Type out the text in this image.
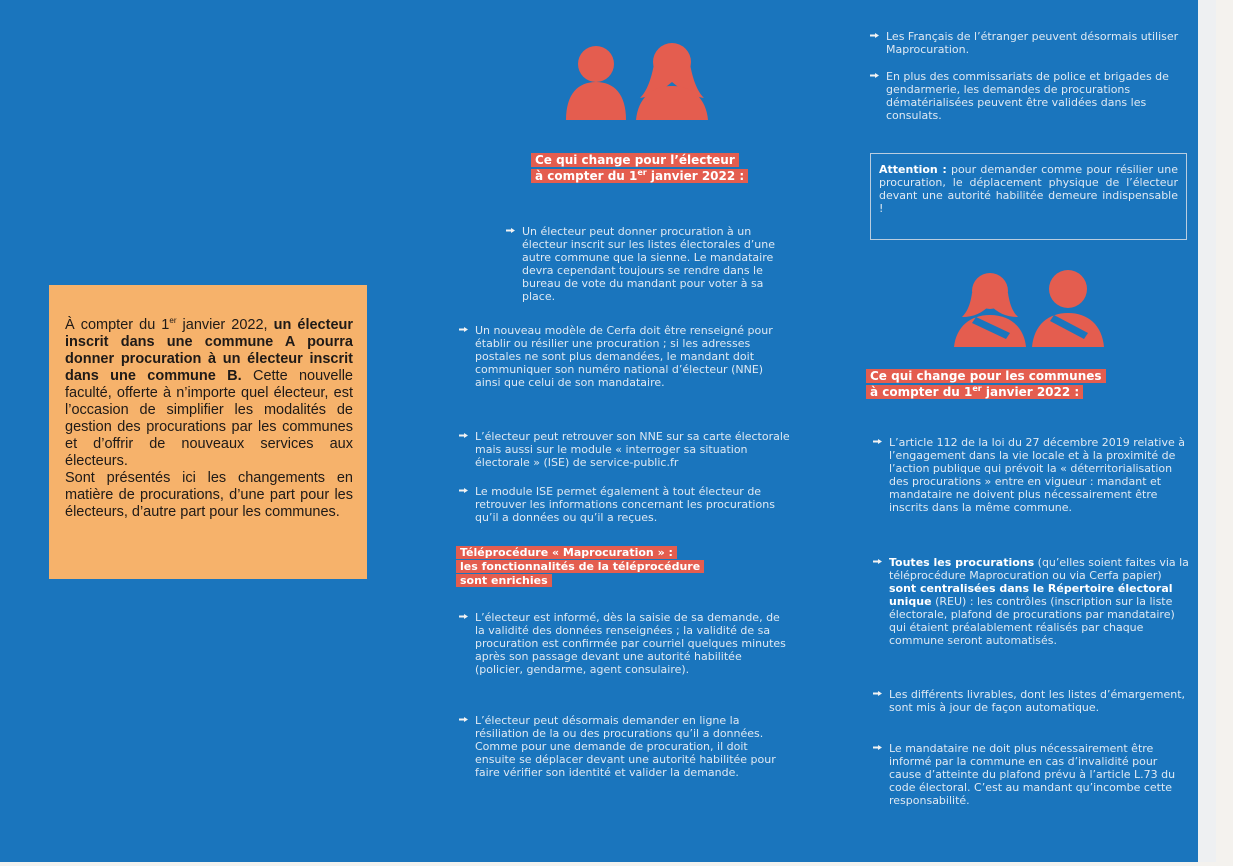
À compter du 1er janvier 2022, un électeur inscrit dans une commune A pourra donner procuration à un électeur inscrit dans une commune B. Cette nouvelle faculté, offerte à n’importe quel électeur, est l’occasion de simplifier les modalités de gestion des procurations par les communes et d’offrir de nouveaux services aux électeurs.

Sont présentés ici les changements en matière de procurations, d’une part pour les électeurs, d’autre part pour les communes.

Ce qui change pour l’électeur
à compter du 1er janvier 2022 :

Un électeur peut donner procuration à un électeur inscrit sur les listes électorales d’une autre commune que la sienne. Le mandataire devra cependant toujours se rendre dans le bureau de vote du mandant pour voter à sa place.

Un nouveau modèle de Cerfa doit être renseigné pour établir ou résilier une procuration ; si les adresses postales ne sont plus demandées, le mandant doit communiquer son numéro national d’électeur (NNE) ainsi que celui de son mandataire.

L’électeur peut retrouver son NNE sur sa carte électorale mais aussi sur le module « interroger sa situation électorale » (ISE) de service-public.fr

Le module ISE permet également à tout électeur de retrouver les informations concernant les procurations qu’il a données ou qu’il a reçues.

Téléprocédure « Maprocuration » :
les fonctionnalités de la téléprocédure
sont enrichies

L’électeur est informé, dès la saisie de sa demande, de la validité des données renseignées ; la validité de sa procuration est confirmée par courriel quelques minutes après son passage devant une autorité habilitée (policier, gendarme, agent consulaire).

L’électeur peut désormais demander en ligne la résiliation de la ou des procurations qu’il a données. Comme pour une demande de procuration, il doit ensuite se déplacer devant une autorité habilitée pour faire vérifier son identité et valider la demande.

Les Français de l’étranger peuvent désormais utiliser Maprocuration.

En plus des commissariats de police et brigades de gendarmerie, les demandes de procurations dématérialisées peuvent être validées dans les consulats.

Attention : pour demander comme pour résilier une procuration, le déplacement physique de l’électeur devant une autorité habilitée demeure indispensable !
Ce qui change pour les communes
à compter du 1er janvier 2022 :

L’article 112 de la loi du 27 décembre 2019 relative à l’engagement dans la vie locale et à la proximité de l’action publique qui prévoit la « déterritorialisation des procurations » entre en vigueur : mandant et mandataire ne doivent plus nécessairement être inscrits dans la même commune.

Toutes les procurations (qu’elles soient faites via la téléprocédure Maprocuration ou via Cerfa papier) sont centralisées dans le Répertoire électoral unique (REU) : les contrôles (inscription sur la liste électorale, plafond de procurations par mandataire) qui étaient préalablement réalisés par chaque commune seront automatisés.

Les différents livrables, dont les listes d’émargement, sont mis à jour de façon automatique.

Le mandataire ne doit plus nécessairement être informé par la commune en cas d’invalidité pour cause d’atteinte du plafond prévu à l’article L.73 du code électoral. C’est au mandant qu’incombe cette responsabilité.
